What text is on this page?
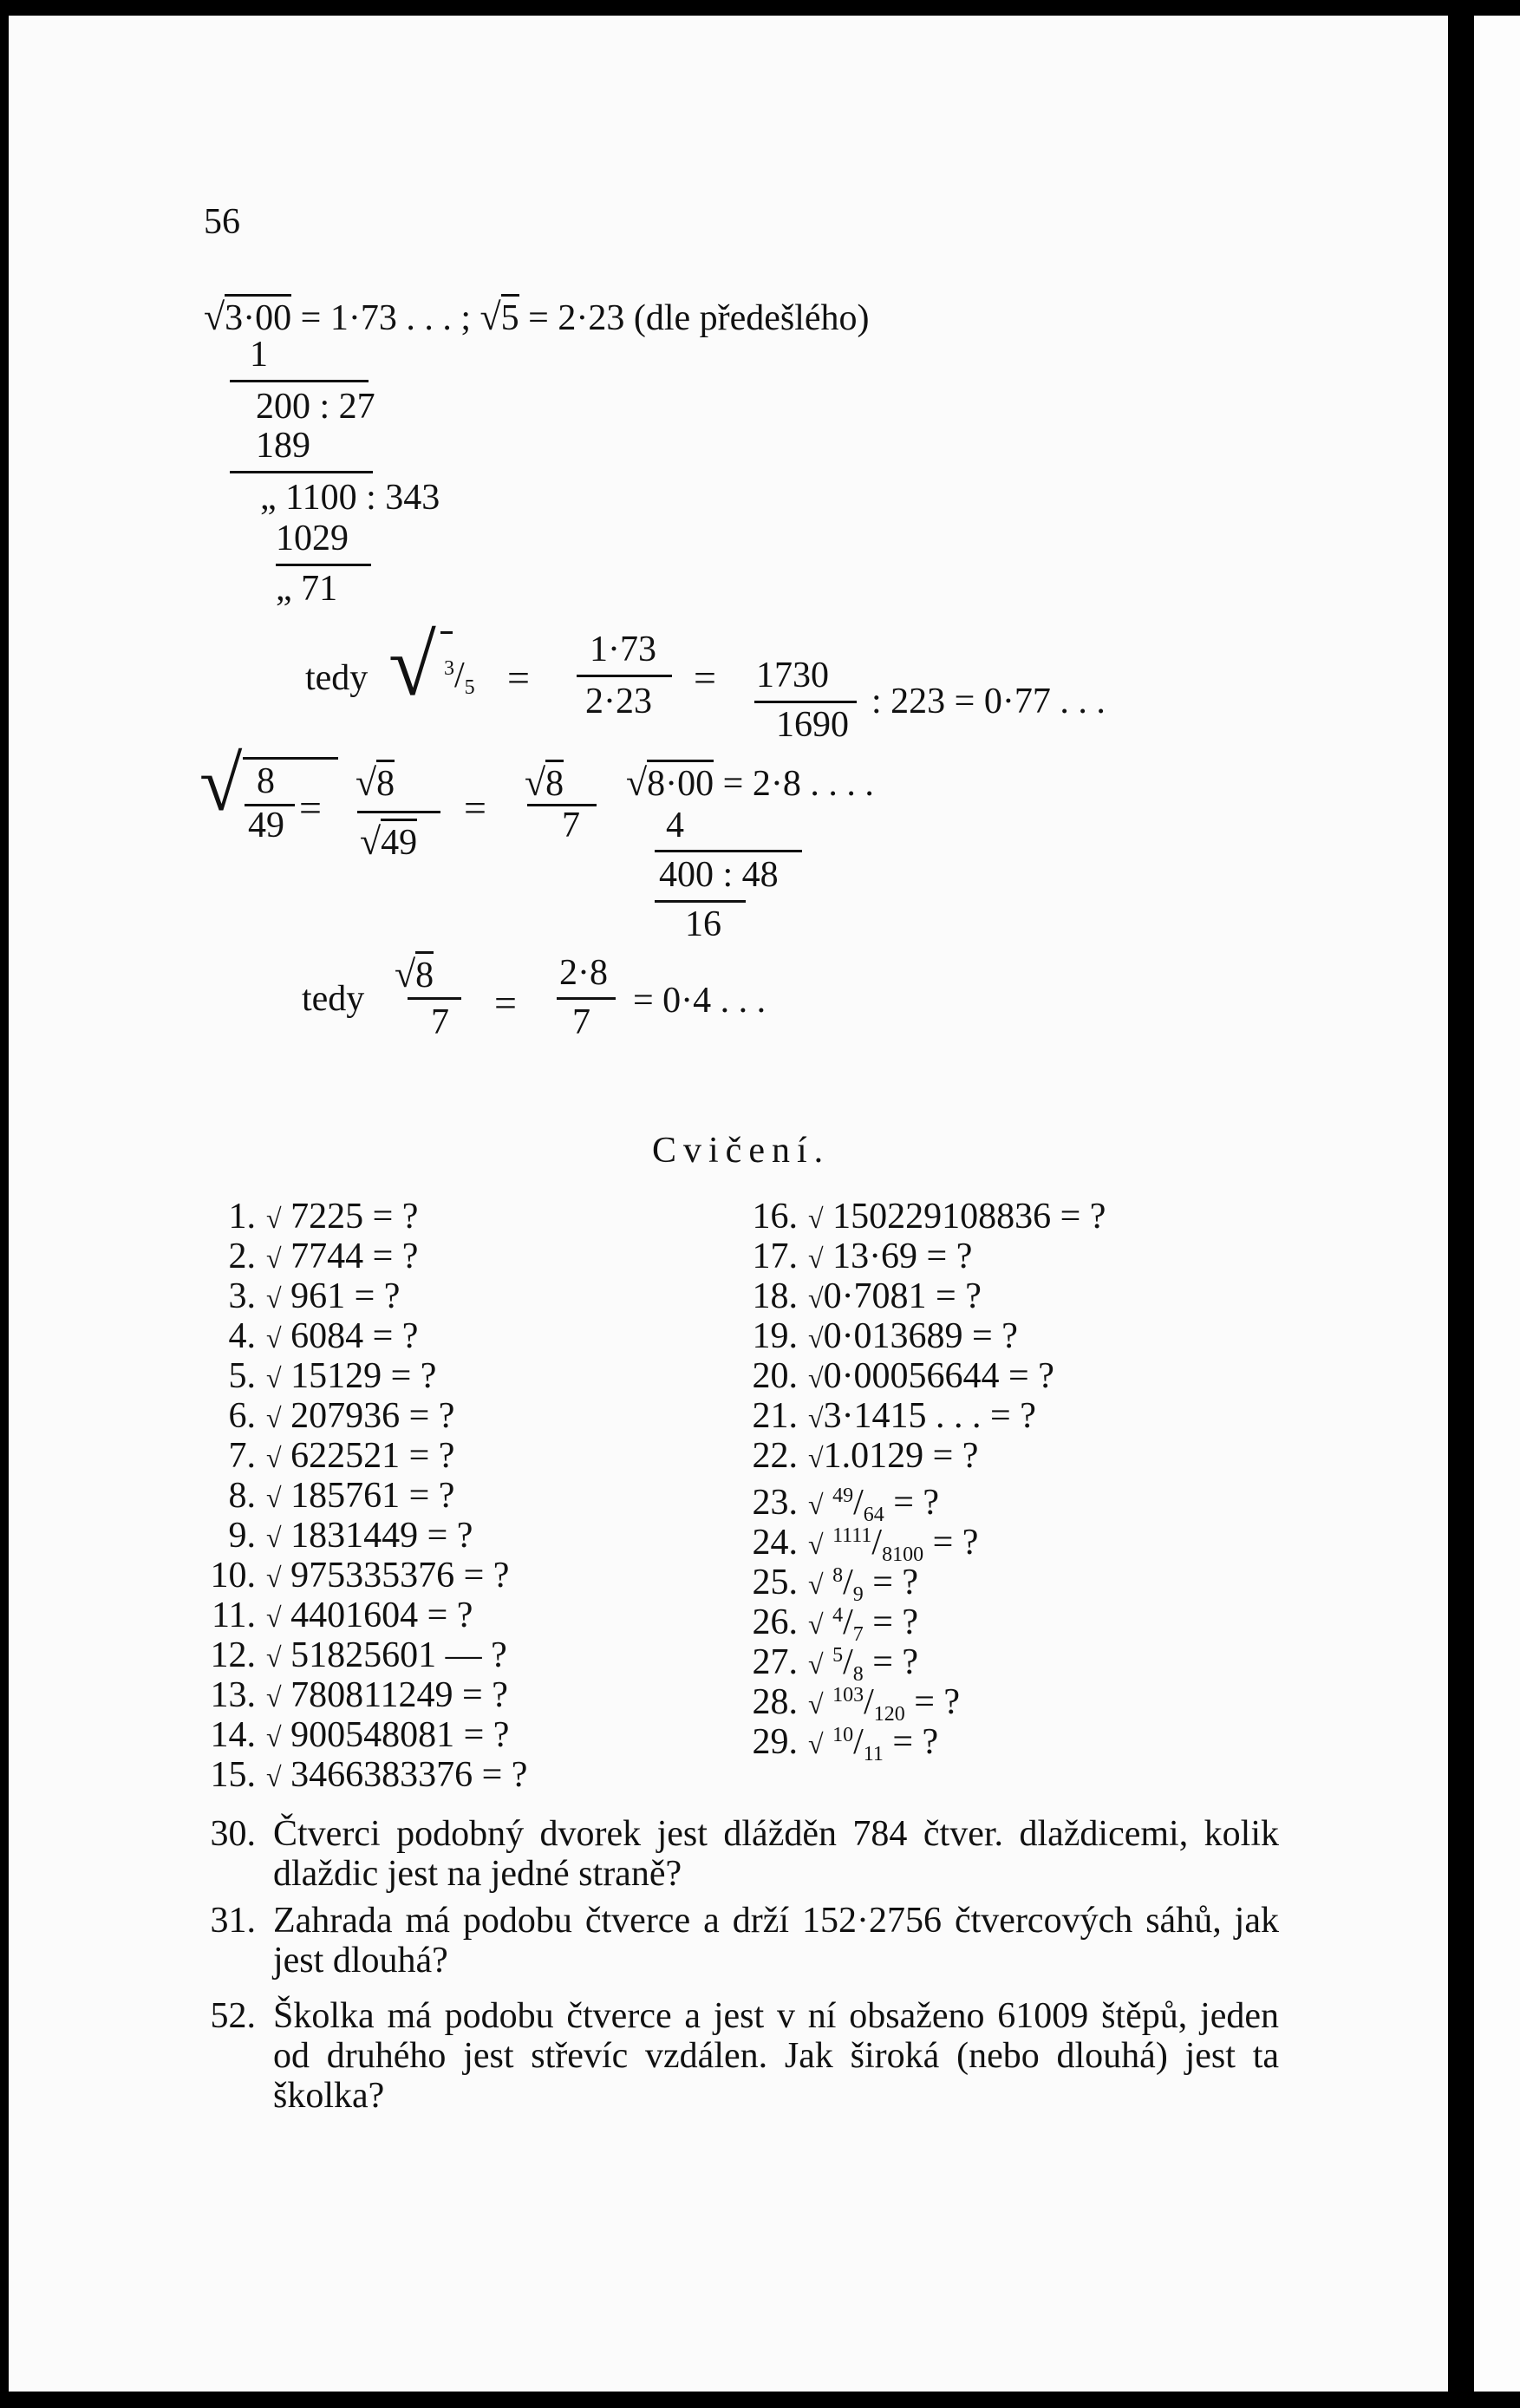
56
√3·00 = 1·73 . . . ; √5 = 2·23 (dle předešlého)
1
200 : 27
189
„ 1100 : 343
1029
„ 71
tedy √ $^3/_5$ =
1·73
2·23
= 1730
1690
: 223 = 0·77 . . .
√ 8
49 =
√8
√49
=
√8
7
√8·00 = 2·8 . . . .
4
400 : 48
16
tedy
√8
7 =
2·8
7
= 0·4 . . .
Cvičení.
1. √ 7225 = ?
2. √ 7744 = ?
3. √ 961 = ?
4. √ 6084 = ?
5. √ 15129 = ?
6. √ 207936 = ?
7. √ 622521 = ?
8. √ 185761 = ?
9. √ 1831449 = ?
10. √ 975335376 = ?
11. √ 4401604 = ?
12. √ 51825601 — ?
13. √ 780811249 = ?
14. √ 900548081 = ?
15. √ 3466383376 = ?
16. √ 150229108836 = ?
17. √ 13·69 = ?
18. √0·7081 = ?
19. √0·013689 = ?
20. √0·00056644 = ?
21. √3·1415 . . . = ?
22. √1.0129 = ?
23. √ $^{49}/_{64}$ = ?
24. √ $^{1111}/_{8100}$ = ?
25. √ $^8/_9$ = ?
26. √ $^4/_7$ = ?
27. √ $^5/_8$ = ?
28. √ $^{103}/_{120}$ = ?
29. √ $^{10}/_{11}$ = ?
30. Čtverci podobný dvorek jest dlážděn 784 čtver. dlaždicemi, kolik dlaždic jest na jedné straně?
31. Zahrada má podobu čtverce a drží 152·2756 čtvercových sáhů, jak jest dlouhá?
52. Školka má podobu čtverce a jest v ní obsaženo 61009 štěpů, jeden od druhého jest střevíc vzdálen. Jak široká (nebo dlouhá) jest ta školka?
